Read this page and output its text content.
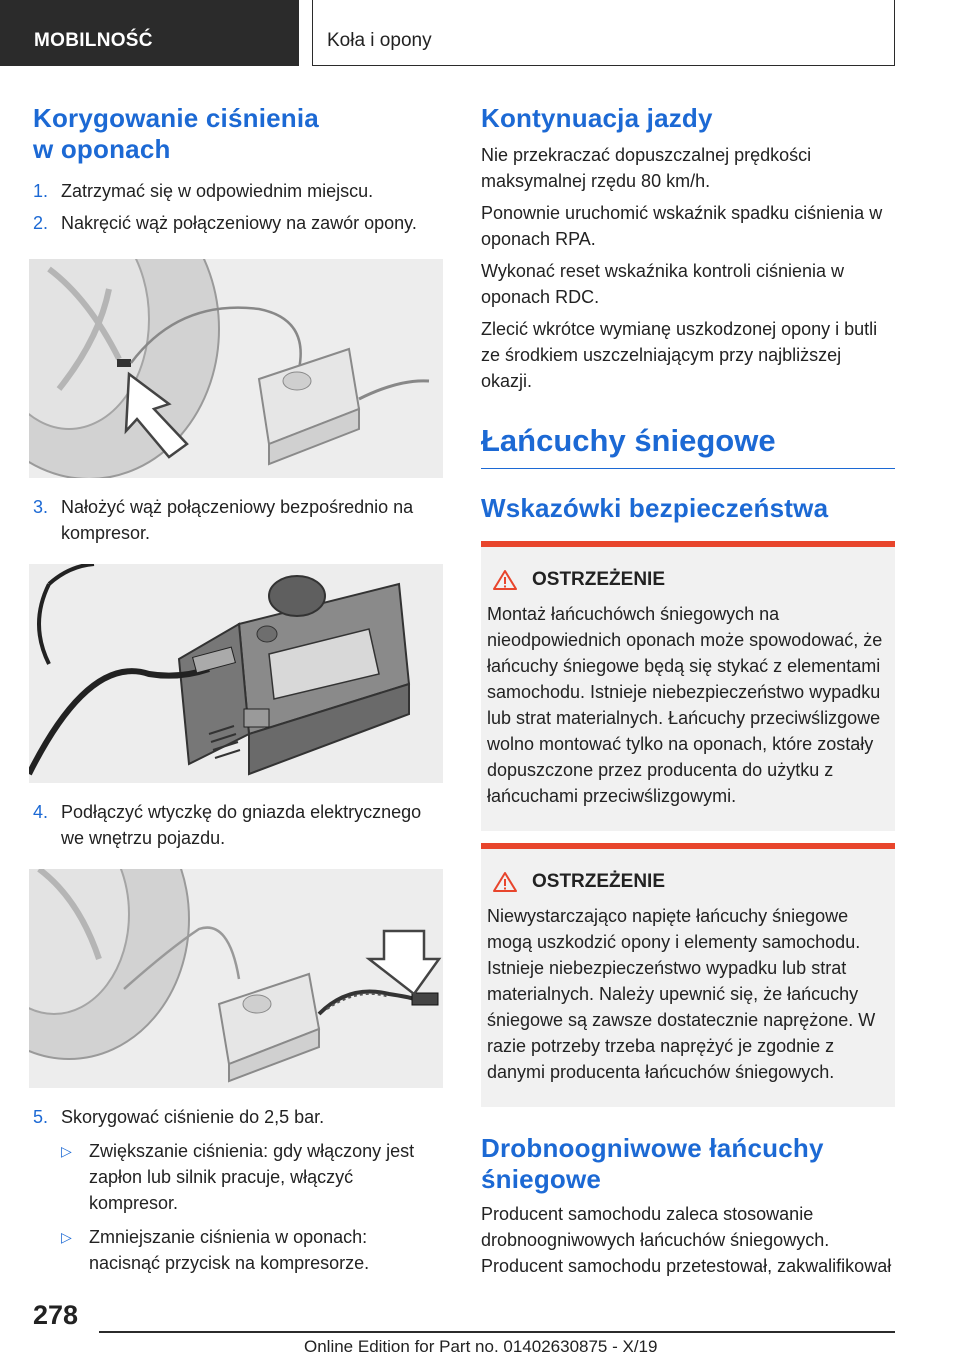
MOBILNOŚĆ	Koła i opony
Korygowanie ciśnienia w oponach
1. Zatrzymać się w odpowiednim miejscu.
2. Nakręcić wąż połączeniowy na zawór opony.
3. Nałożyć wąż połączeniowy bezpośrednio na kompresor.
4. Podłączyć wtyczkę do gniazda elektrycznego we wnętrzu pojazdu.
5. Skorygować ciśnienie do 2,5 bar.
▷ Zwiększanie ciśnienia: gdy włączony jest zapłon lub silnik pracuje, włączyć kompresor.
▷ Zmniejszanie ciśnienia w oponach: nacisnąć przycisk na kompresorze.
Kontynuacja jazdy

Nie przekraczać dopuszczalnej prędkości maksymalnej rzędu 80 km/h.

Ponownie uruchomić wskaźnik spadku ciśnienia w oponach RPA.

Wykonać reset wskaźnika kontroli ciśnienia w oponach RDC.

Zlecić wkrótce wymianę uszkodzonej opony i butli ze środkiem uszczelniającym przy najbliższej okazji.

Łańcuchy śniegowe
Wskazówki bezpieczeństwa
OSTRZEŻENIE

Montaż łańcuchówch śniegowych na nieodpowiednich oponach może spowodować, że łańcuchy śniegowe będą się stykać z elementami samochodu. Istnieje niebezpieczeństwo wypadku lub strat materialnych. Łańcuchy przeciwślizgowe wolno montować tylko na oponach, które zostały dopuszczone przez producenta do użytku z łańcuchami przeciwślizgowymi.

OSTRZEŻENIE

Niewystarczająco napięte łańcuchy śniegowe mogą uszkodzić opony i elementy samochodu. Istnieje niebezpieczeństwo wypadku lub strat materialnych. Należy upewnić się, że łańcuchy śniegowe są zawsze dostatecznie naprężone. W razie potrzeby trzeba naprężyć je zgodnie z danymi producenta łańcuchów śniegowych.

Drobnoogniwowe łańcuchy śniegowe

Producent samochodu zaleca stosowanie drobnoogniwowych łańcuchów śniegowych. Producent samochodu przetestował, zakwalifikował

278
Online Edition for Part no. 01402630875 - X/19
